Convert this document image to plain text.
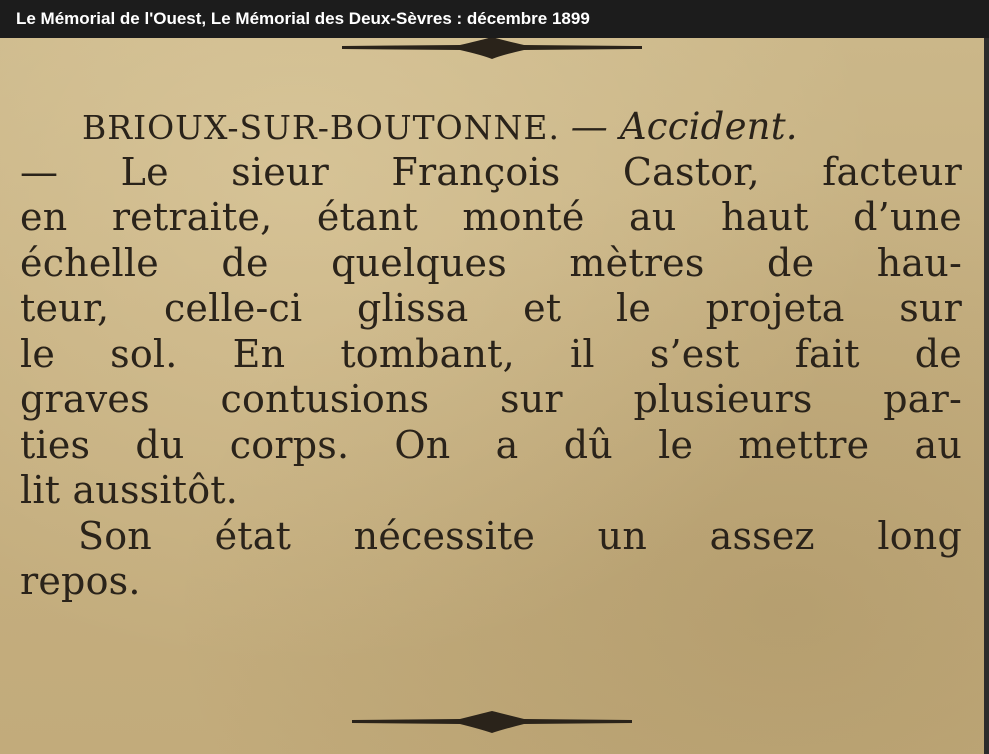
Le Mémorial de l'Ouest, Le Mémorial des Deux-Sèvres : décembre 1899
BRIOUX-SUR-BOUTONNE. — Accident.
— Le sieur François Castor, facteur
en retraite, étant monté au haut d’une
échelle de quelques mètres de hau-
teur, celle-ci glissa et le projeta sur
le sol. En tombant, il s’est fait de
graves contusions sur plusieurs par-
ties du corps. On a dû le mettre au
lit aussitôt.
Son état nécessite un assez long
repos.
